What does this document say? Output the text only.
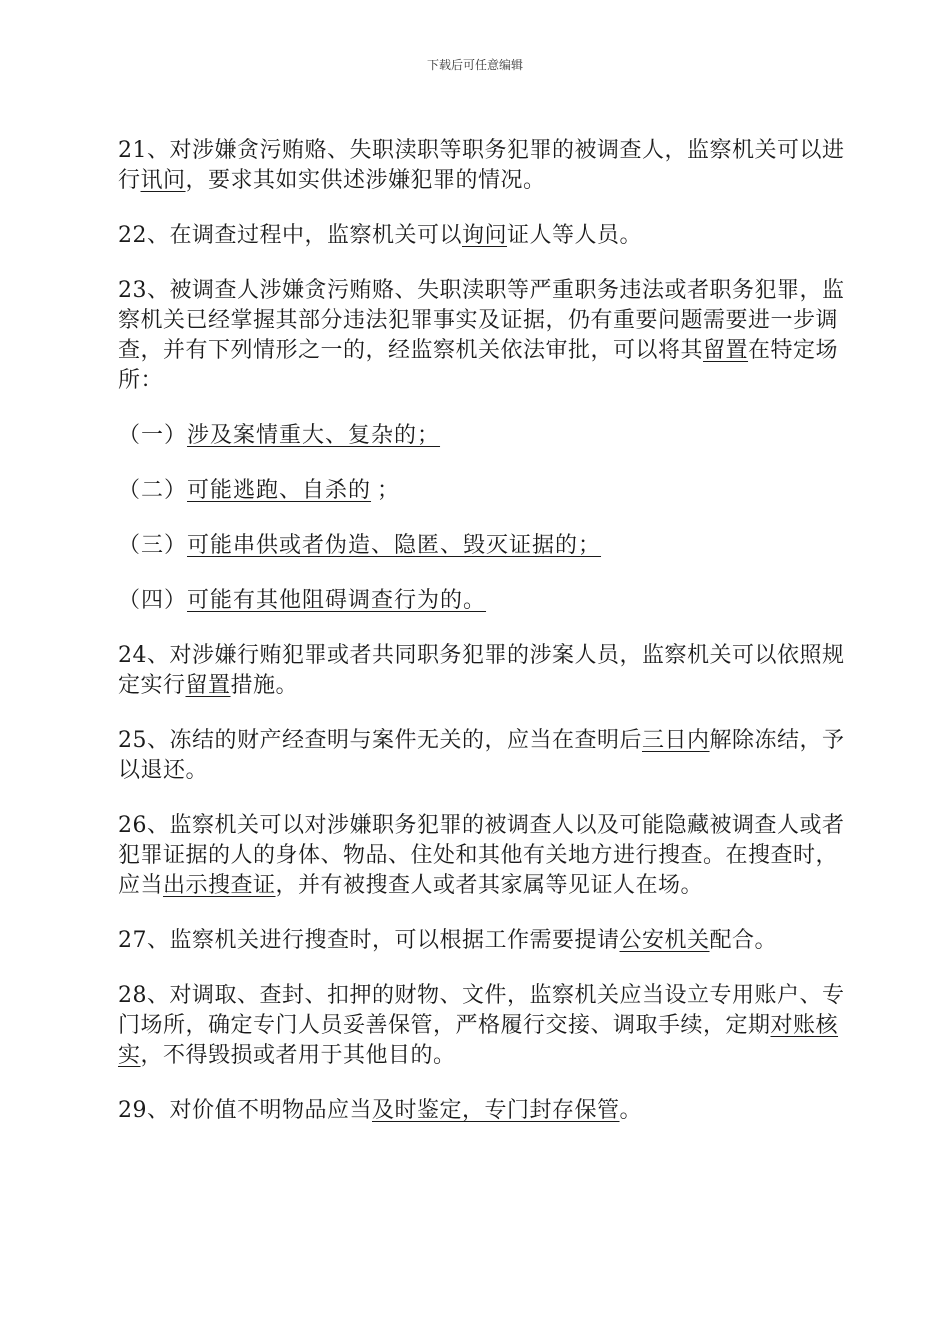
下载后可任意编辑

21、对涉嫌贪污贿赂、失职渎职等职务犯罪的被调查人，监察机关可以进行讯问，要求其如实供述涉嫌犯罪的情况。

22、在调查过程中，监察机关可以询问证人等人员。

23、被调查人涉嫌贪污贿赂、失职渎职等严重职务违法或者职务犯罪，监察机关已经掌握其部分违法犯罪事实及证据，仍有重要问题需要进一步调查，并有下列情形之一的，经监察机关依法审批，可以将其留置在特定场所：

（一）涉及案情重大、复杂的；

（二）可能逃跑、自杀的 ；

（三）可能串供或者伪造、隐匿、毁灭证据的；

（四）可能有其他阻碍调查行为的。

24、对涉嫌行贿犯罪或者共同职务犯罪的涉案人员，监察机关可以依照规定实行留置措施。

25、冻结的财产经查明与案件无关的，应当在查明后三日内解除冻结，予以退还。

26、监察机关可以对涉嫌职务犯罪的被调查人以及可能隐藏被调查人或者犯罪证据的人的身体、物品、住处和其他有关地方进行搜查。在搜查时，应当出示搜查证，并有被搜查人或者其家属等见证人在场。

27、监察机关进行搜查时，可以根据工作需要提请公安机关配合。

28、对调取、查封、扣押的财物、文件，监察机关应当设立专用账户、专门场所，确定专门人员妥善保管，严格履行交接、调取手续，定期对账核实，不得毁损或者用于其他目的。

29、对价值不明物品应当及时鉴定，专门封存保管。
